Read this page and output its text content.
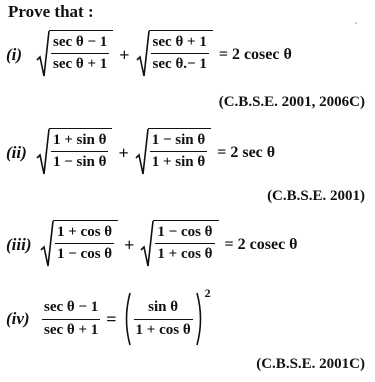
Prove that :
(i)	$\frac{\text{sec θ − 1}}{\text{sec θ + 1}} + \frac{\text{sec θ + 1}}{\text{sec θ.− 1}} = 2$ cosec θ
(C.B.S.E. 2001, 2006C)
(ii)	$\frac{\text{1 + sin θ}}{\text{1 − sin θ}} + \frac{\text{1 − sin θ}}{\text{1 + sin θ}} = 2$ sec θ
(C.B.S.E. 2001)
(iii)	$\frac{\text{1 + cos θ}}{\text{1 − cos θ}} + \frac{\text{1 − cos θ}}{\text{1 + cos θ}} = 2$ cosec θ
$(iv) \frac{\text{sec θ − 1}}{\text{sec θ + 1}} = \frac{\text{sin θ}}{\text{1 + cos θ}}$
2
(C.B.S.E. 2001C)
